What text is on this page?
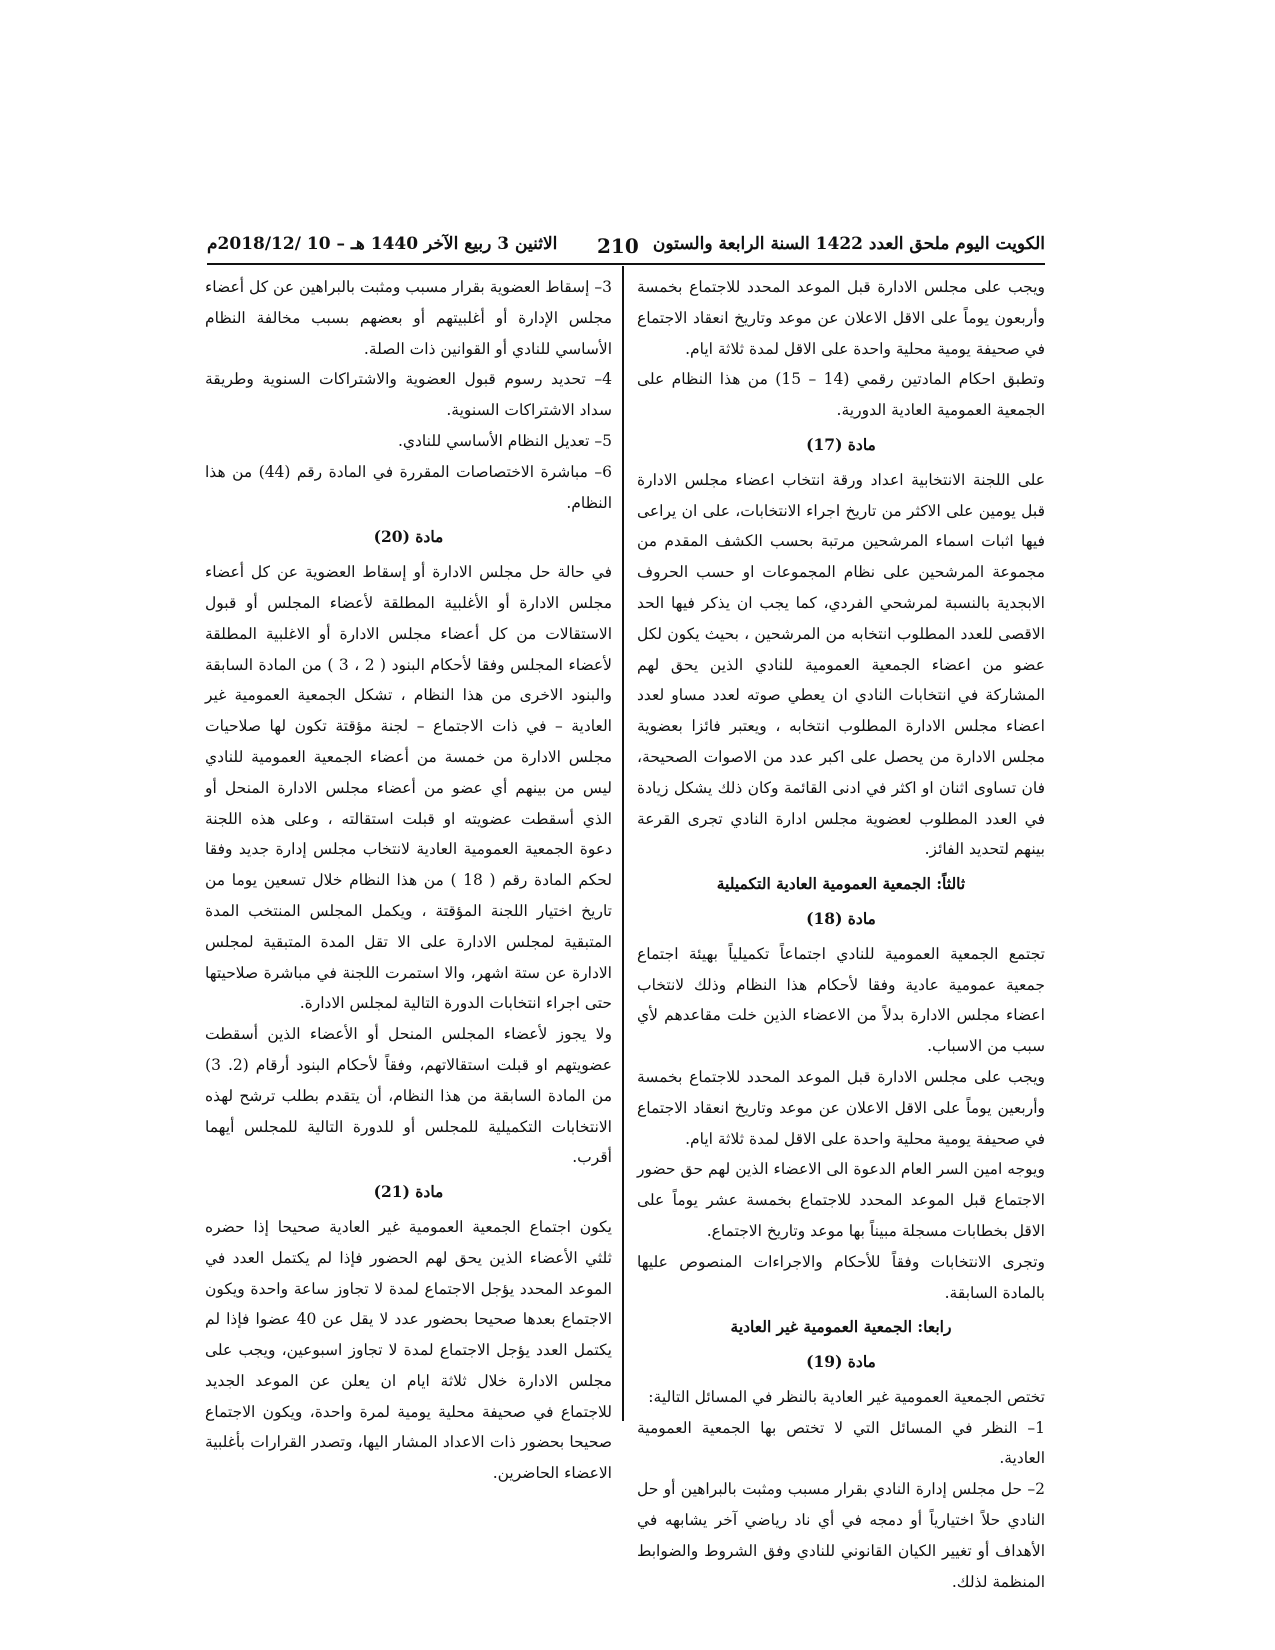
الكويت اليوم ملحق العدد 1422 السنة الرابعة والستون
210
الاثنين 3 ربيع الآخر 1440 هـ – 10 /2018/12م

ويجب على مجلس الادارة قبل الموعد المحدد للاجتماع بخمسة وأربعون يوماً على الاقل الاعلان عن موعد وتاريخ انعقاد الاجتماع في صحيفة يومية محلية واحدة على الاقل لمدة ثلاثة ايام.

وتطبق احكام المادتين رقمي (14 – 15) من هذا النظام على الجمعية العمومية العادية الدورية.

مادة (17)

على اللجنة الانتخابية اعداد ورقة انتخاب اعضاء مجلس الادارة قبل يومين على الاكثر من تاريخ اجراء الانتخابات، على ان يراعى فيها اثبات اسماء المرشحين مرتبة بحسب الكشف المقدم من مجموعة المرشحين على نظام المجموعات او حسب الحروف الابجدية بالنسبة لمرشحي الفردي، كما يجب ان يذكر فيها الحد الاقصى للعدد المطلوب انتخابه من المرشحين ، بحيث يكون لكل عضو من اعضاء الجمعية العمومية للنادي الذين يحق لهم المشاركة في انتخابات النادي ان يعطي صوته لعدد مساو لعدد اعضاء مجلس الادارة المطلوب انتخابه ، ويعتبر فائزا بعضوية مجلس الادارة من يحصل على اكبر عدد من الاصوات الصحيحة، فان تساوى اثنان او اكثر في ادنى القائمة وكان ذلك يشكل زيادة في العدد المطلوب لعضوية مجلس ادارة النادي تجرى القرعة بينهم لتحديد الفائز.

ثالثاً: الجمعية العمومية العادية التكميلية

مادة (18)

تجتمع الجمعية العمومية للنادي اجتماعاً تكميلياً بهيئة اجتماع جمعية عمومية عادية وفقا لأحكام هذا النظام وذلك لانتخاب اعضاء مجلس الادارة بدلاً من الاعضاء الذين خلت مقاعدهم لأي سبب من الاسباب.

ويجب على مجلس الادارة قبل الموعد المحدد للاجتماع بخمسة وأربعين يوماً على الاقل الاعلان عن موعد وتاريخ انعقاد الاجتماع في صحيفة يومية محلية واحدة على الاقل لمدة ثلاثة ايام.

ويوجه امين السر العام الدعوة الى الاعضاء الذين لهم حق حضور الاجتماع قبل الموعد المحدد للاجتماع بخمسة عشر يوماً على الاقل بخطابات مسجلة مبيناً بها موعد وتاريخ الاجتماع.

وتجرى الانتخابات وفقاً للأحكام والاجراءات المنصوص عليها بالمادة السابقة.

رابعا: الجمعية العمومية غير العادية

مادة (19)

تختص الجمعية العمومية غير العادية بالنظر في المسائل التالية:

1– النظر في المسائل التي لا تختص بها الجمعية العمومية العادية.

2– حل مجلس إدارة النادي بقرار مسبب ومثبت بالبراهين أو حل النادي حلاً اختيارياً أو دمجه في أي ناد رياضي آخر يشابهه في الأهداف أو تغيير الكيان القانوني للنادي وفق الشروط والضوابط المنظمة لذلك.

3– إسقاط العضوية بقرار مسبب ومثبت بالبراهين عن كل أعضاء مجلس الإدارة أو أغلبيتهم أو بعضهم بسبب مخالفة النظام الأساسي للنادي أو القوانين ذات الصلة.

4– تحديد رسوم قبول العضوية والاشتراكات السنوية وطريقة سداد الاشتراكات السنوية.

5– تعديل النظام الأساسي للنادي.

6– مباشرة الاختصاصات المقررة في المادة رقم (44) من هذا النظام.

مادة (20)

في حالة حل مجلس الادارة أو إسقاط العضوية عن كل أعضاء مجلس الادارة أو الأغلبية المطلقة لأعضاء المجلس أو قبول الاستقالات من كل أعضاء مجلس الادارة أو الاغلبية المطلقة لأعضاء المجلس وفقا لأحكام البنود ( 2 ، 3 ) من المادة السابقة والبنود الاخرى من هذا النظام ، تشكل الجمعية العمومية غير العادية – في ذات الاجتماع – لجنة مؤقتة تكون لها صلاحيات مجلس الادارة من خمسة من أعضاء الجمعية العمومية للنادي ليس من بينهم أي عضو من أعضاء مجلس الادارة المنحل أو الذي أسقطت عضويته او قبلت استقالته ، وعلى هذه اللجنة دعوة الجمعية العمومية العادية لانتخاب مجلس إدارة جديد وفقا لحكم المادة رقم ( 18 ) من هذا النظام خلال تسعين يوما من تاريخ اختيار اللجنة المؤقتة ، ويكمل المجلس المنتخب المدة المتبقية لمجلس الادارة على الا تقل المدة المتبقية لمجلس الادارة عن ستة اشهر، والا استمرت اللجنة في مباشرة صلاحيتها حتى اجراء انتخابات الدورة التالية لمجلس الادارة.

ولا يجوز لأعضاء المجلس المنحل أو الأعضاء الذين أسقطت عضويتهم او قبلت استقالاتهم، وفقاً لأحكام البنود أرقام (2. 3) من المادة السابقة من هذا النظام، أن يتقدم بطلب ترشح لهذه الانتخابات التكميلية للمجلس أو للدورة التالية للمجلس أيهما أقرب.

مادة (21)

يكون اجتماع الجمعية العمومية غير العادية صحيحا إذا حضره ثلثي الأعضاء الذين يحق لهم الحضور فإذا لم يكتمل العدد في الموعد المحدد يؤجل الاجتماع لمدة لا تجاوز ساعة واحدة ويكون الاجتماع بعدها صحيحا بحضور عدد لا يقل عن 40 عضوا فإذا لم يكتمل العدد يؤجل الاجتماع لمدة لا تجاوز اسبوعين، ويجب على مجلس الادارة خلال ثلاثة ايام ان يعلن عن الموعد الجديد للاجتماع في صحيفة محلية يومية لمرة واحدة، ويكون الاجتماع صحيحا بحضور ذات الاعداد المشار اليها، وتصدر القرارات بأغلبية الاعضاء الحاضرين.
